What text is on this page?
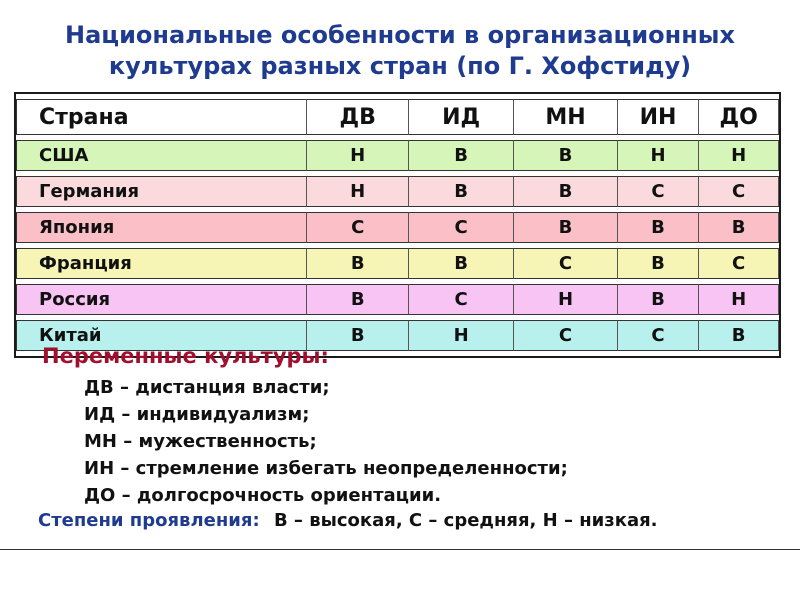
Национальные особенности в организационных
культурах разных стран (по Г. Хофстиду)
Страна	ДВ	ИД	МН	ИН	ДО
США	Н	В	В	Н	Н
Германия	Н	В	В	С	С
Япония	С	С	В	В	В
Франция	В	В	С	В	С
Россия	В	С	Н	В	Н
Китай	В	Н	С	С	В
Переменные культуры:
ДВ – дистанция власти;
ИД – индивидуализм;
МН – мужественность;
ИН – стремление избегать неопределенности;
ДО – долгосрочность ориентации.
Степени проявления: В – высокая, С – средняя, Н – низкая.
